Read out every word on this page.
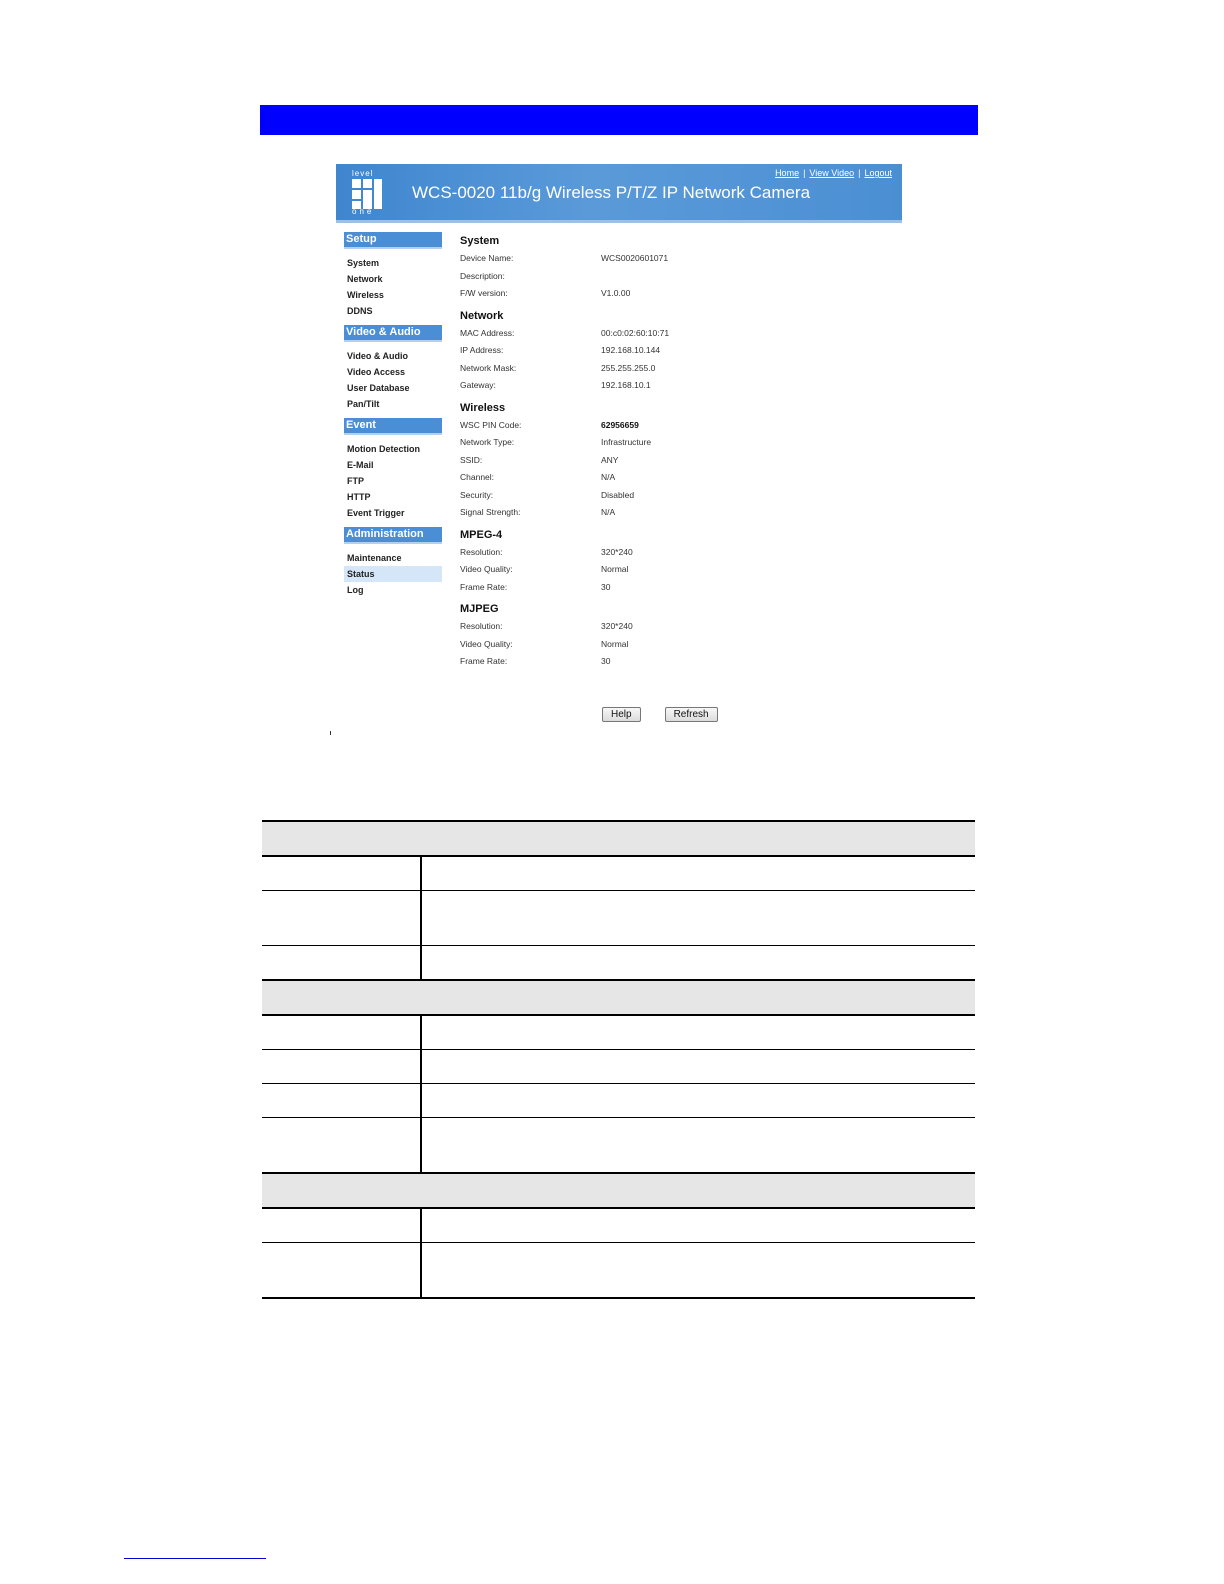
level
one
WCS-0020 11b/g Wireless P/T/Z IP Network Camera
Home | View Video | Logout
Setup
System
Network
Wireless
DDNS
Video & Audio
Video & Audio
Video Access
User Database
Pan/Tilt
Event
Motion Detection
E-Mail
FTP
HTTP
Event Trigger
Administration
Maintenance
Status
Log
System
Device Name:	WCS0020601071
Description:
F/W version:	V1.0.00
Network
MAC Address:	00:c0:02:60:10:71
IP Address:	192.168.10.144
Network Mask:	255.255.255.0
Gateway:	192.168.10.1
Wireless
WSC PIN Code:	62956659
Network Type:	Infrastructure
SSID:	ANY
Channel:	N/A
Security:	Disabled
Signal Strength:	N/A
MPEG-4
Resolution:	320*240
Video Quality:	Normal
Frame Rate:	30
MJPEG
Resolution:	320*240
Video Quality:	Normal
Frame Rate:	30
Help	Refresh
